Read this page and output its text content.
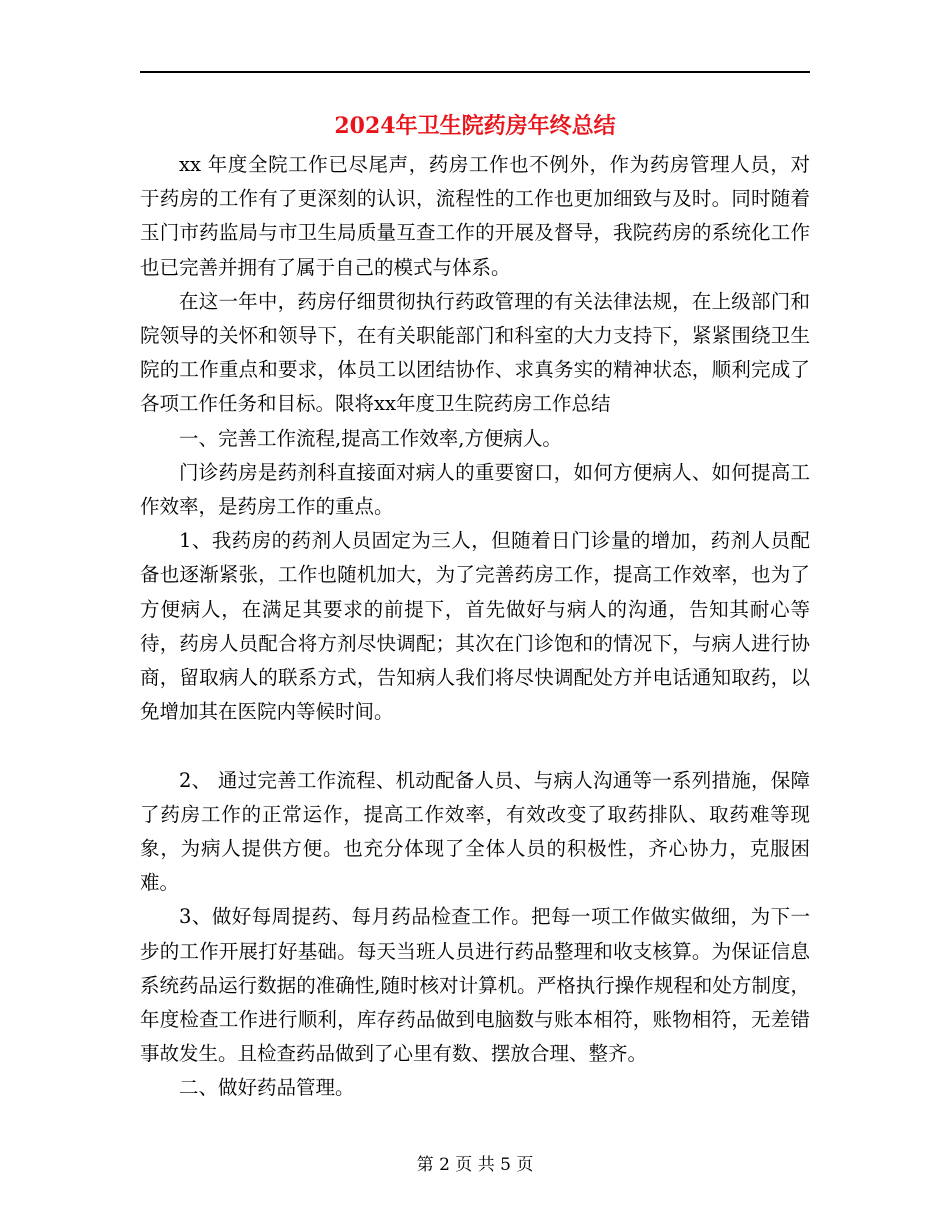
2024年卫生院药房年终总结

xx 年度全院工作已尽尾声，药房工作也不例外，作为药房管理人员，对于药房的工作有了更深刻的认识，流程性的工作也更加细致与及时。同时随着玉门市药监局与市卫生局质量互查工作的开展及督导，我院药房的系统化工作也已完善并拥有了属于自己的模式与体系。

在这一年中，药房仔细贯彻执行药政管理的有关法律法规，在上级部门和院领导的关怀和领导下，在有关职能部门和科室的大力支持下，紧紧围绕卫生院的工作重点和要求，体员工以团结协作、求真务实的精神状态，顺利完成了各项工作任务和目标。限将xx年度卫生院药房工作总结

一、完善工作流程,提高工作效率,方便病人。

门诊药房是药剂科直接面对病人的重要窗口，如何方便病人、如何提高工作效率，是药房工作的重点。

1、我药房的药剂人员固定为三人，但随着日门诊量的增加，药剂人员配备也逐渐紧张，工作也随机加大，为了完善药房工作，提高工作效率，也为了方便病人，在满足其要求的前提下，首先做好与病人的沟通，告知其耐心等待，药房人员配合将方剂尽快调配；其次在门诊饱和的情况下，与病人进行协商，留取病人的联系方式，告知病人我们将尽快调配处方并电话通知取药，以免增加其在医院内等候时间。

2、 通过完善工作流程、机动配备人员、与病人沟通等一系列措施，保障了药房工作的正常运作，提高工作效率，有效改变了取药排队、取药难等现象，为病人提供方便。也充分体现了全体人员的积极性，齐心协力，克服困难。

3、做好每周提药、每月药品检查工作。把每一项工作做实做细，为下一步的工作开展打好基础。每天当班人员进行药品整理和收支核算。为保证信息系统药品运行数据的准确性,随时核对计算机。严格执行操作规程和处方制度，年度检查工作进行顺利，库存药品做到电脑数与账本相符，账物相符，无差错事故发生。且检查药品做到了心里有数、摆放合理、整齐。

二、做好药品管理。

第 2 页 共 5 页
